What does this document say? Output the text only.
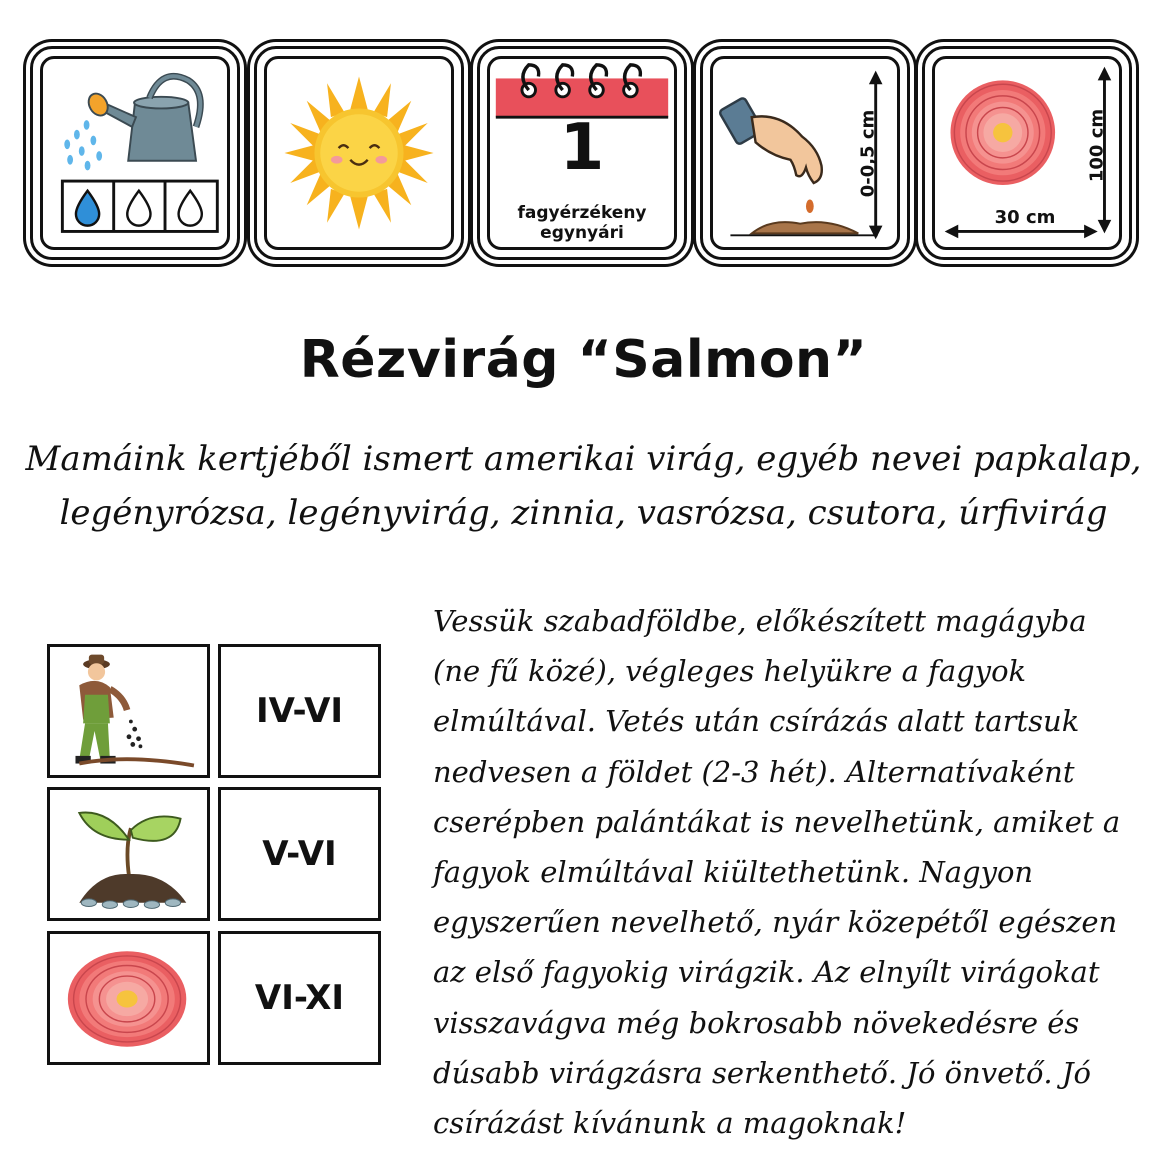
1
fagyérzékeny
egynyári
0-0,5 cm
30 cm
100 cm
Rézvirág “Salmon”
Mamáink kertjéből ismert amerikai virág, egyéb nevei papkalap, legényrózsa, legényvirág, zinnia, vasrózsa, csutora, úrfivirág
IV-VI
V-VI
VI-XI
Vessük szabadföldbe, előkészített magágyba (ne fű közé), végleges helyükre a fagyok elmúltával. Vetés után csírázás alatt tartsuk nedvesen a földet (2-3 hét). Alternatívaként cserépben palántákat is nevelhetünk, amiket a fagyok elmúltával kiültethetünk. Nagyon egyszerűen nevelhető, nyár közepétől egészen az első fagyokig virágzik. Az elnyílt virágokat visszavágva még bokrosabb növekedésre és dúsabb virágzásra serkenthető. Jó önvető. Jó csírázást kívánunk a magoknak!
